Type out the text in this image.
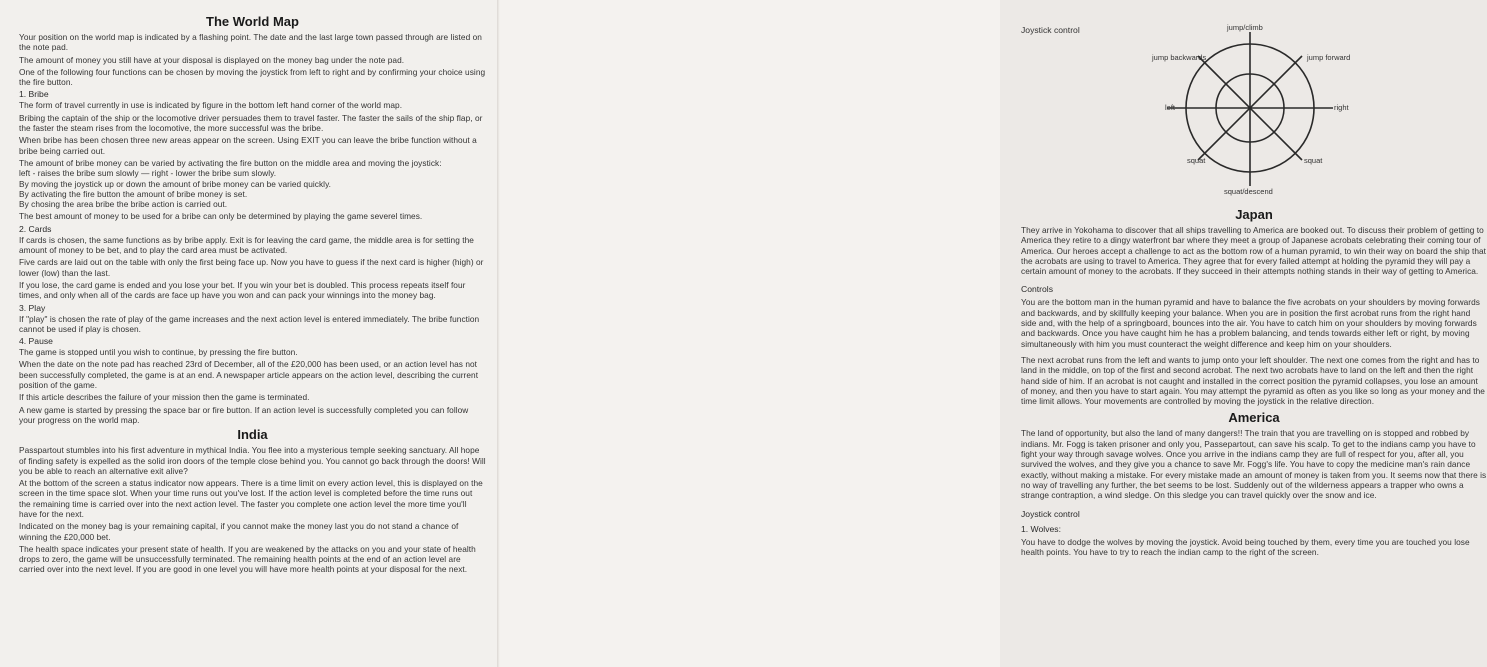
The World Map

Your position on the world map is indicated by a flashing point. The date and the last large town passed through are listed on the note pad.

The amount of money you still have at your disposal is displayed on the money bag under the note pad.

One of the following four functions can be chosen by moving the joystick from left to right and by confirming your choice using the fire button.

1. Bribe

The form of travel currently in use is indicated by figure in the bottom left hand corner of the world map.

Bribing the captain of the ship or the locomotive driver persuades them to travel faster. The faster the sails of the ship flap, or the faster the steam rises from the locomotive, the more successful was the bribe.

When bribe has been chosen three new areas appear on the screen. Using EXIT you can leave the bribe function without a bribe being carried out.

The amount of bribe money can be varied by activating the fire button on the middle area and moving the joystick:

left - raises the bribe sum slowly — right - lower the bribe sum slowly.

By moving the joystick up or down the amount of bribe money can be varied quickly.

By activating the fire button the amount of bribe money is set.

By chosing the area bribe the bribe action is carried out.

The best amount of money to be used for a bribe can only be determined by playing the game severel times.

2. Cards

If cards is chosen, the same functions as by bribe apply. Exit is for leaving the card game, the middle area is for setting the amount of money to be bet, and to play the card area must be activated.

Five cards are laid out on the table with only the first being face up. Now you have to guess if the next card is higher (high) or lower (low) than the last.

If you lose, the card game is ended and you lose your bet. If you win your bet is doubled. This process repeats itself four times, and only when all of the cards are face up have you won and can pack your winnings into the money bag.

3. Play

If "play" is chosen the rate of play of the game increases and the next action level is entered immediately. The bribe function cannot be used if play is chosen.

4. Pause

The game is stopped until you wish to continue, by pressing the fire button.

When the date on the note pad has reached 23rd of December, all of the £20,000 has been used, or an action level has not been successfully completed, the game is at an end. A newspaper article appears on the action level, describing the current position of the game.

If this article describes the failure of your mission then the game is terminated.

A new game is started by pressing the space bar or fire button. If an action level is successfully completed you can follow your progress on the world map.

India

Passpartout stumbles into his first adventure in mythical India. You flee into a mysterious temple seeking sanctuary. All hope of finding safety is expelled as the solid iron doors of the temple close behind you. You cannot go back through the doors! Will you be able to reach an alternative exit alive?

At the bottom of the screen a status indicator now appears. There is a time limit on every action level, this is displayed on the screen in the time space slot. When your time runs out you've lost. If the action level is completed before the time runs out the remaining time is carried over into the next action level. The faster you complete one action level the more time you'll have for the next.

Indicated on the money bag is your remaining capital, if you cannot make the money last you do not stand a chance of winning the £20,000 bet.

The health space indicates your present state of health. If you are weakened by the attacks on you and your state of health drops to zero, the game will be unsuccessfully terminated. The remaining health points at the end of an action level are carried over into the next level. If you are good in one level you will have more health points at your disposal for the next.

Joystick control	jump/climb
jump backwards	jump forward
left	right
squat	squat
squat/descend
Japan

They arrive in Yokohama to discover that all ships travelling to America are booked out. To discuss their problem of getting to America they retire to a dingy waterfront bar where they meet a group of Japanese acrobats celebrating their coming tour of America. Our heroes accept a challenge to act as the bottom row of a human pyramid, to win their way on board the ship that the acrobats are using to travel to America. They agree that for every failed attempt at holding the pyramid they will pay a certain amount of money to the acrobats. If they succeed in their attempts nothing stands in their way of getting to America.

Controls

You are the bottom man in the human pyramid and have to balance the five acrobats on your shoulders by moving forwards and backwards, and by skillfully keeping your balance. When you are in position the first acrobat runs from the right hand side and, with the help of a springboard, bounces into the air. You have to catch him on your shoulders by moving forwards and backwards. Once you have caught him he has a problem balancing, and tends towards either left or right, by moving simultaneously with him you must counteract the weight difference and keep him on your shoulders.

The next acrobat runs from the left and wants to jump onto your left shoulder. The next one comes from the right and has to land in the middle, on top of the first and second acrobat. The next two acrobats have to land on the left and then the right hand side of him. If an acrobat is not caught and installed in the correct position the pyramid collapses, you lose an amount of money, and then you have to start again. You may attempt the pyramid as often as you like so long as your money and the time limit allows. Your movements are controlled by moving the joystick in the relative direction.

America

The land of opportunity, but also the land of many dangers!! The train that you are travelling on is stopped and robbed by indians. Mr. Fogg is taken prisoner and only you, Passepartout, can save his scalp. To get to the indians camp you have to fight your way through savage wolves. Once you arrive in the indians camp they are full of respect for you, after all, you survived the wolves, and they give you a chance to save Mr. Fogg's life. You have to copy the medicine man's rain dance exactly, without making a mistake. For every mistake made an amount of money is taken from you. It seems now that there is no way of travelling any further, the bet seems to be lost. Suddenly out of the wilderness appears a trapper who owns a strange contraption, a wind sledge. On this sledge you can travel quickly over the snow and ice.

Joystick control
1. Wolves:

You have to dodge the wolves by moving the joystick. Avoid being touched by them, every time you are touched you lose health points. You have to try to reach the indian camp to the right of the screen.
